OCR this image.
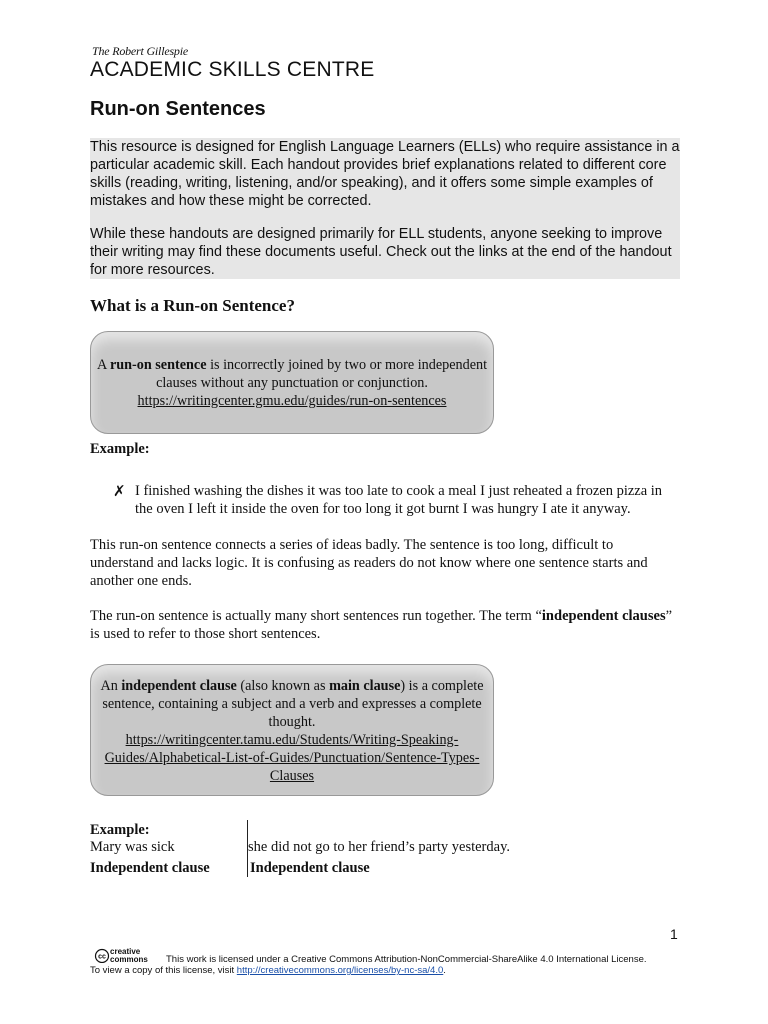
The Robert Gillespie
ACADEMIC SKILLS CENTRE
Run-on Sentences

This resource is designed for English Language Learners (ELLs) who require assistance in a particular academic skill. Each handout provides brief explanations related to different core skills (reading, writing, listening, and/or speaking), and it offers some simple examples of mistakes and how these might be corrected.

While these handouts are designed primarily for ELL students, anyone seeking to improve their writing may find these documents useful. Check out the links at the end of the handout for more resources.

What is a Run-on Sentence?
A run-on sentence is incorrectly joined by two or more independent clauses without any punctuation or conjunction.
https://writingcenter.gmu.edu/guides/run-on-sentences
Example:
✗ I finished washing the dishes it was too late to cook a meal I just reheated a frozen pizza in the oven I left it inside the oven for too long it got burnt I was hungry I ate it anyway.
This run-on sentence connects a series of ideas badly. The sentence is too long, difficult to understand and lacks logic. It is confusing as readers do not know where one sentence starts and another one ends.
The run-on sentence is actually many short sentences run together. The term “independent clauses” is used to refer to those short sentences.
An independent clause (also known as main clause) is a complete sentence, containing a subject and a verb and expresses a complete thought.
https://writingcenter.tamu.edu/Students/Writing-Speaking-Guides/Alphabetical-List-of-Guides/Punctuation/Sentence-Types-Clauses
Example:
Mary was sick	she did not go to her friend’s party yesterday.
Independent clause	Independent clause
1
cc
creative
commons This work is licensed under a Creative Commons Attribution-NonCommercial-ShareAlike 4.0 International License.
To view a copy of this license, visit http://creativecommons.org/licenses/by-nc-sa/4.0.
